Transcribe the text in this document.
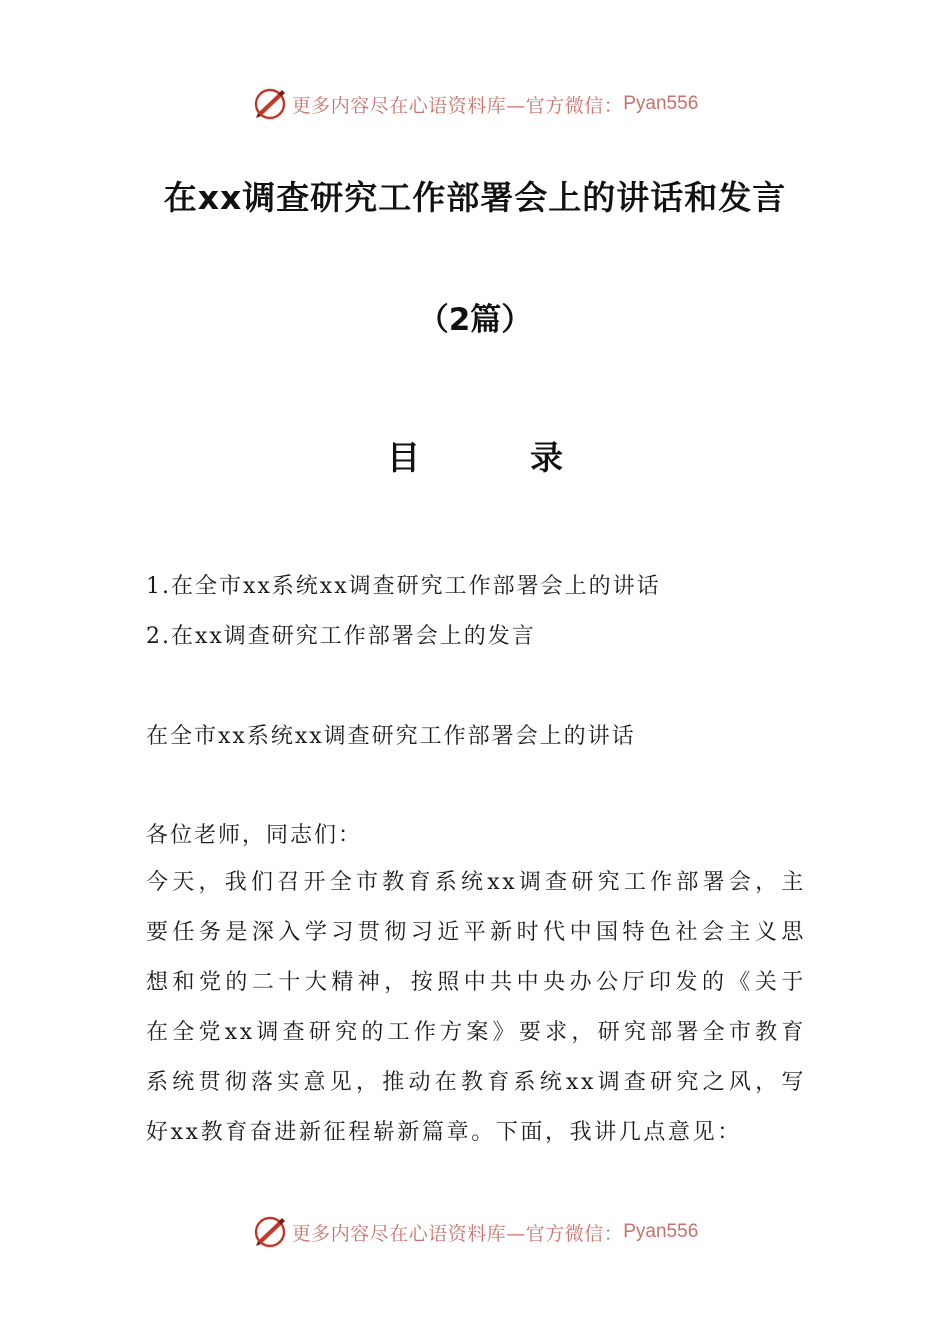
更多内容尽在心语资料库—官方微信： Pyan556
在xx调查研究工作部署会上的讲话和发言
（2篇）
目	录
1.在全市xx系统xx调查研究工作部署会上的讲话
2.在xx调查研究工作部署会上的发言
在全市xx系统xx调查研究工作部署会上的讲话
各位老师，同志们：
今天，我们召开全市教育系统xx调查研究工作部署会，主
要任务是深入学习贯彻习近平新时代中国特色社会主义思
想和党的二十大精神，按照中共中央办公厅印发的《关于
在全党xx调查研究的工作方案》要求，研究部署全市教育
系统贯彻落实意见，推动在教育系统xx调查研究之风，写
好xx教育奋进新征程崭新篇章。下面，我讲几点意见：
更多内容尽在心语资料库—官方微信： Pyan556
